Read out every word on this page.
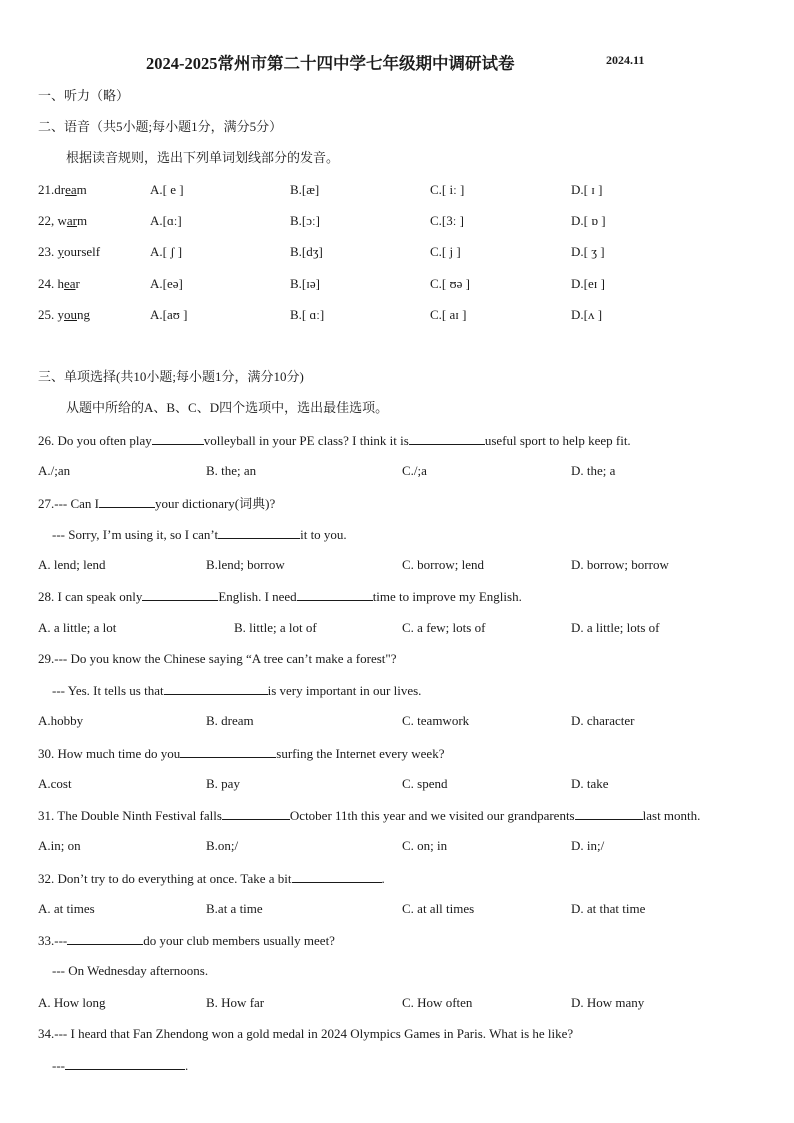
2024-2025常州市第二十四中学七年级期中调研试卷	2024.11
一、听力（略）
二、语音（共5小题;每小题1分，满分5分）
根据读音规则，选出下列单词划线部分的发音。
21.dream	A.[ e ]	B.[æ]	C.[ iː ]	D.[ ɪ ]
22, warm	A.[ɑː]	B.[ɔː]	C.[3ː ]	D.[ ɒ ]
23. yourself	A.[ ʃ ]	B.[dʒ]	C.[ j ]	D.[ ʒ ]
24. hear	A.[eə]	B.[ɪə]	C.[ ʊə ]	D.[eɪ ]
25. young	A.[aʊ ]	B.[ ɑː]	C.[ aɪ ]	D.[ʌ ]
三、单项选择(共10小题;每小题1分，满分10分)
从题中所给的A、B、C、D四个选项中，选出最佳选项。
26. Do you often play	volleyball in your PE class? I think it is	useful sport to help keep fit.
A./;an	B. the; an	C./;a	D. the; a
27.--- Can I	your dictionary(词典)?
--- Sorry, I’m using it, so I can’t	it to you.
A. lend; lend	B.lend; borrow	C. borrow; lend	D. borrow; borrow
28. I can speak only	English. I need	time to improve my English.
A. a little; a lot	B. little; a lot of	C. a few; lots of	D. a little; lots of
29.--- Do you know the Chinese saying “A tree can’t make a forest"?
--- Yes. It tells us that	is very important in our lives.
A.hobby	B. dream	C. teamwork	D. character
30. How much time do you	surfing the Internet every week?
A.cost	B. pay	C. spend	D. take
31. The Double Ninth Festival falls	October 11th this year and we visited our grandparents	last month.
A.in; on	B.on;/	C. on; in	D. in;/
32. Don’t try to do everything at once. Take a bit	.
A. at times	B.at a time	C. at all times	D. at that time
33.---	do your club members usually meet?
--- On Wednesday afternoons.
A. How long	B. How far	C. How often	D. How many
34.--- I heard that Fan Zhendong won a gold medal in 2024 Olympics Games in Paris. What is he like?
---	.
